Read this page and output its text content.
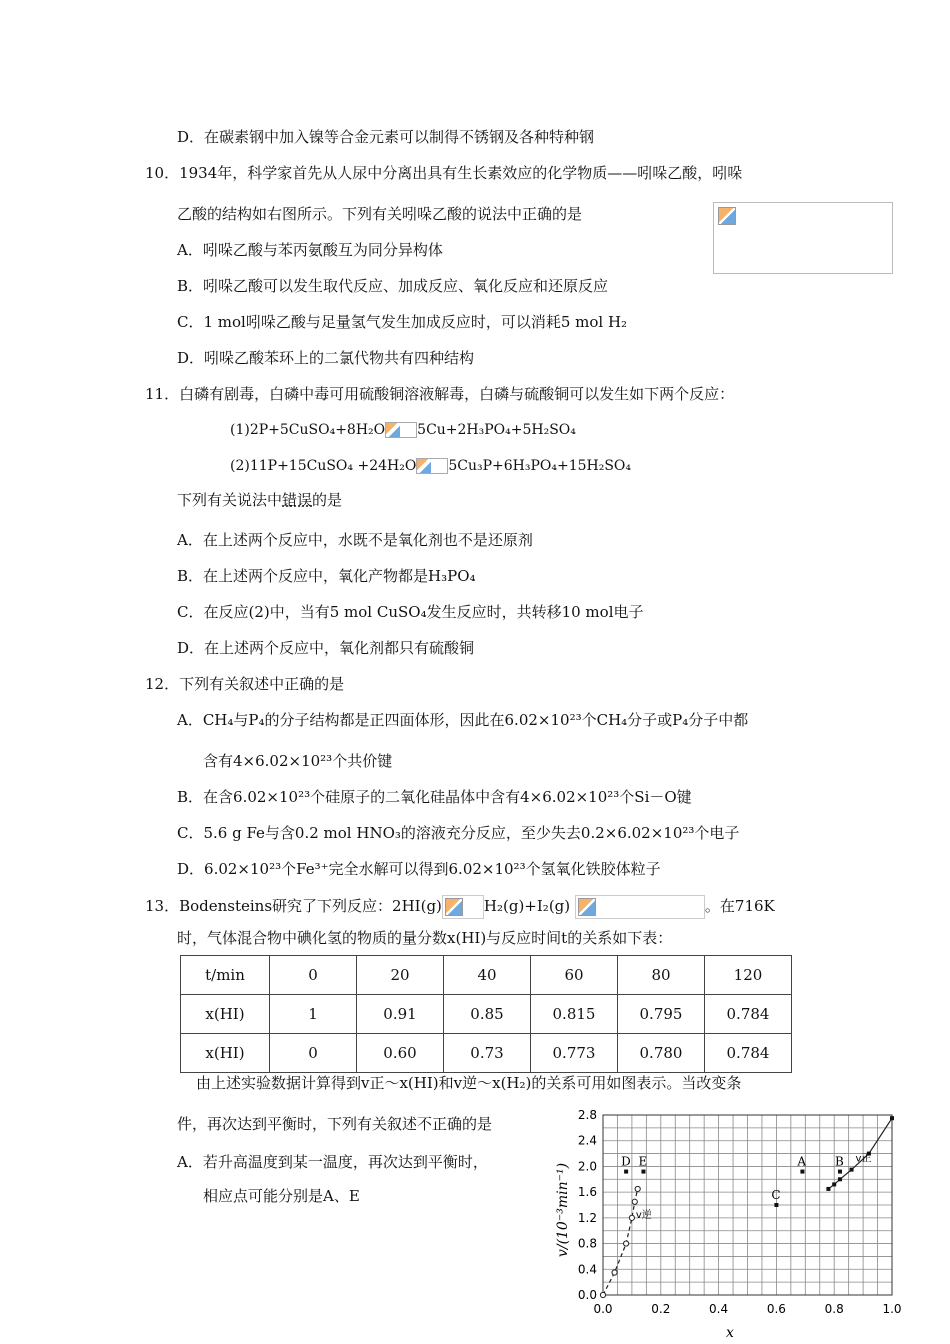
D．在碳素钢中加入镍等合金元素可以制得不锈钢及各种特种钢
10．1934年，科学家首先从人尿中分离出具有生长素效应的化学物质——吲哚乙酸，吲哚
乙酸的结构如右图所示。下列有关吲哚乙酸的说法中正确的是
A．吲哚乙酸与苯丙氨酸互为同分异构体
B．吲哚乙酸可以发生取代反应、加成反应、氧化反应和还原反应
C．1 mol吲哚乙酸与足量氢气发生加成反应时，可以消耗5 mol H₂
D．吲哚乙酸苯环上的二氯代物共有四种结构
11．白磷有剧毒，白磷中毒可用硫酸铜溶液解毒，白磷与硫酸铜可以发生如下两个反应：
(1)2P+5CuSO₄+8H₂O 5Cu+2H₃PO₄+5H₂SO₄
(2)11P+15CuSO₄ +24H₂O 5Cu₃P+6H₃PO₄+15H₂SO₄
下列有关说法中错误的是
A．在上述两个反应中，水既不是氧化剂也不是还原剂
B．在上述两个反应中，氧化产物都是H₃PO₄
C．在反应(2)中，当有5 mol CuSO₄发生反应时，共转移10 mol电子
D．在上述两个反应中，氧化剂都只有硫酸铜
12．下列有关叙述中正确的是
A．CH₄与P₄的分子结构都是正四面体形，因此在6.02×10²³个CH₄分子或P₄分子中都
含有4×6.02×10²³个共价键
B．在含6.02×10²³个硅原子的二氧化硅晶体中含有4×6.02×10²³个Si－O键
C．5.6 g Fe与含0.2 mol HNO₃的溶液充分反应，至少失去0.2×6.02×10²³个电子
D．6.02×10²³个Fe³⁺完全水解可以得到6.02×10²³个氢氧化铁胶体粒子
13．Bodensteins研究了下列反应：2HI(g)	H₂(g)+I₂(g)	。在716K
时，气体混合物中碘化氢的物质的量分数x(HI)与反应时间t的关系如下表：
t/min	0	20	40	60	80	120
x(HI)	1	0.91	0.85	0.815	0.795	0.784
x(HI)	0	0.60	0.73	0.773	0.780	0.784
由上述实验数据计算得到v正～x(HI)和v逆～x(H₂)的关系可用如图表示。当改变条
件，再次达到平衡时，下列有关叙述不正确的是
A．若升高温度到某一温度，再次达到平衡时，
相应点可能分别是A、E
0.0	0.2	0.4	0.6	0.8	1.0
0.0
0.4
0.8
1.2
1.6
2.0
2.4
2.8
v正
v逆
A B
C
D E
x
v/(10⁻³min⁻¹)
